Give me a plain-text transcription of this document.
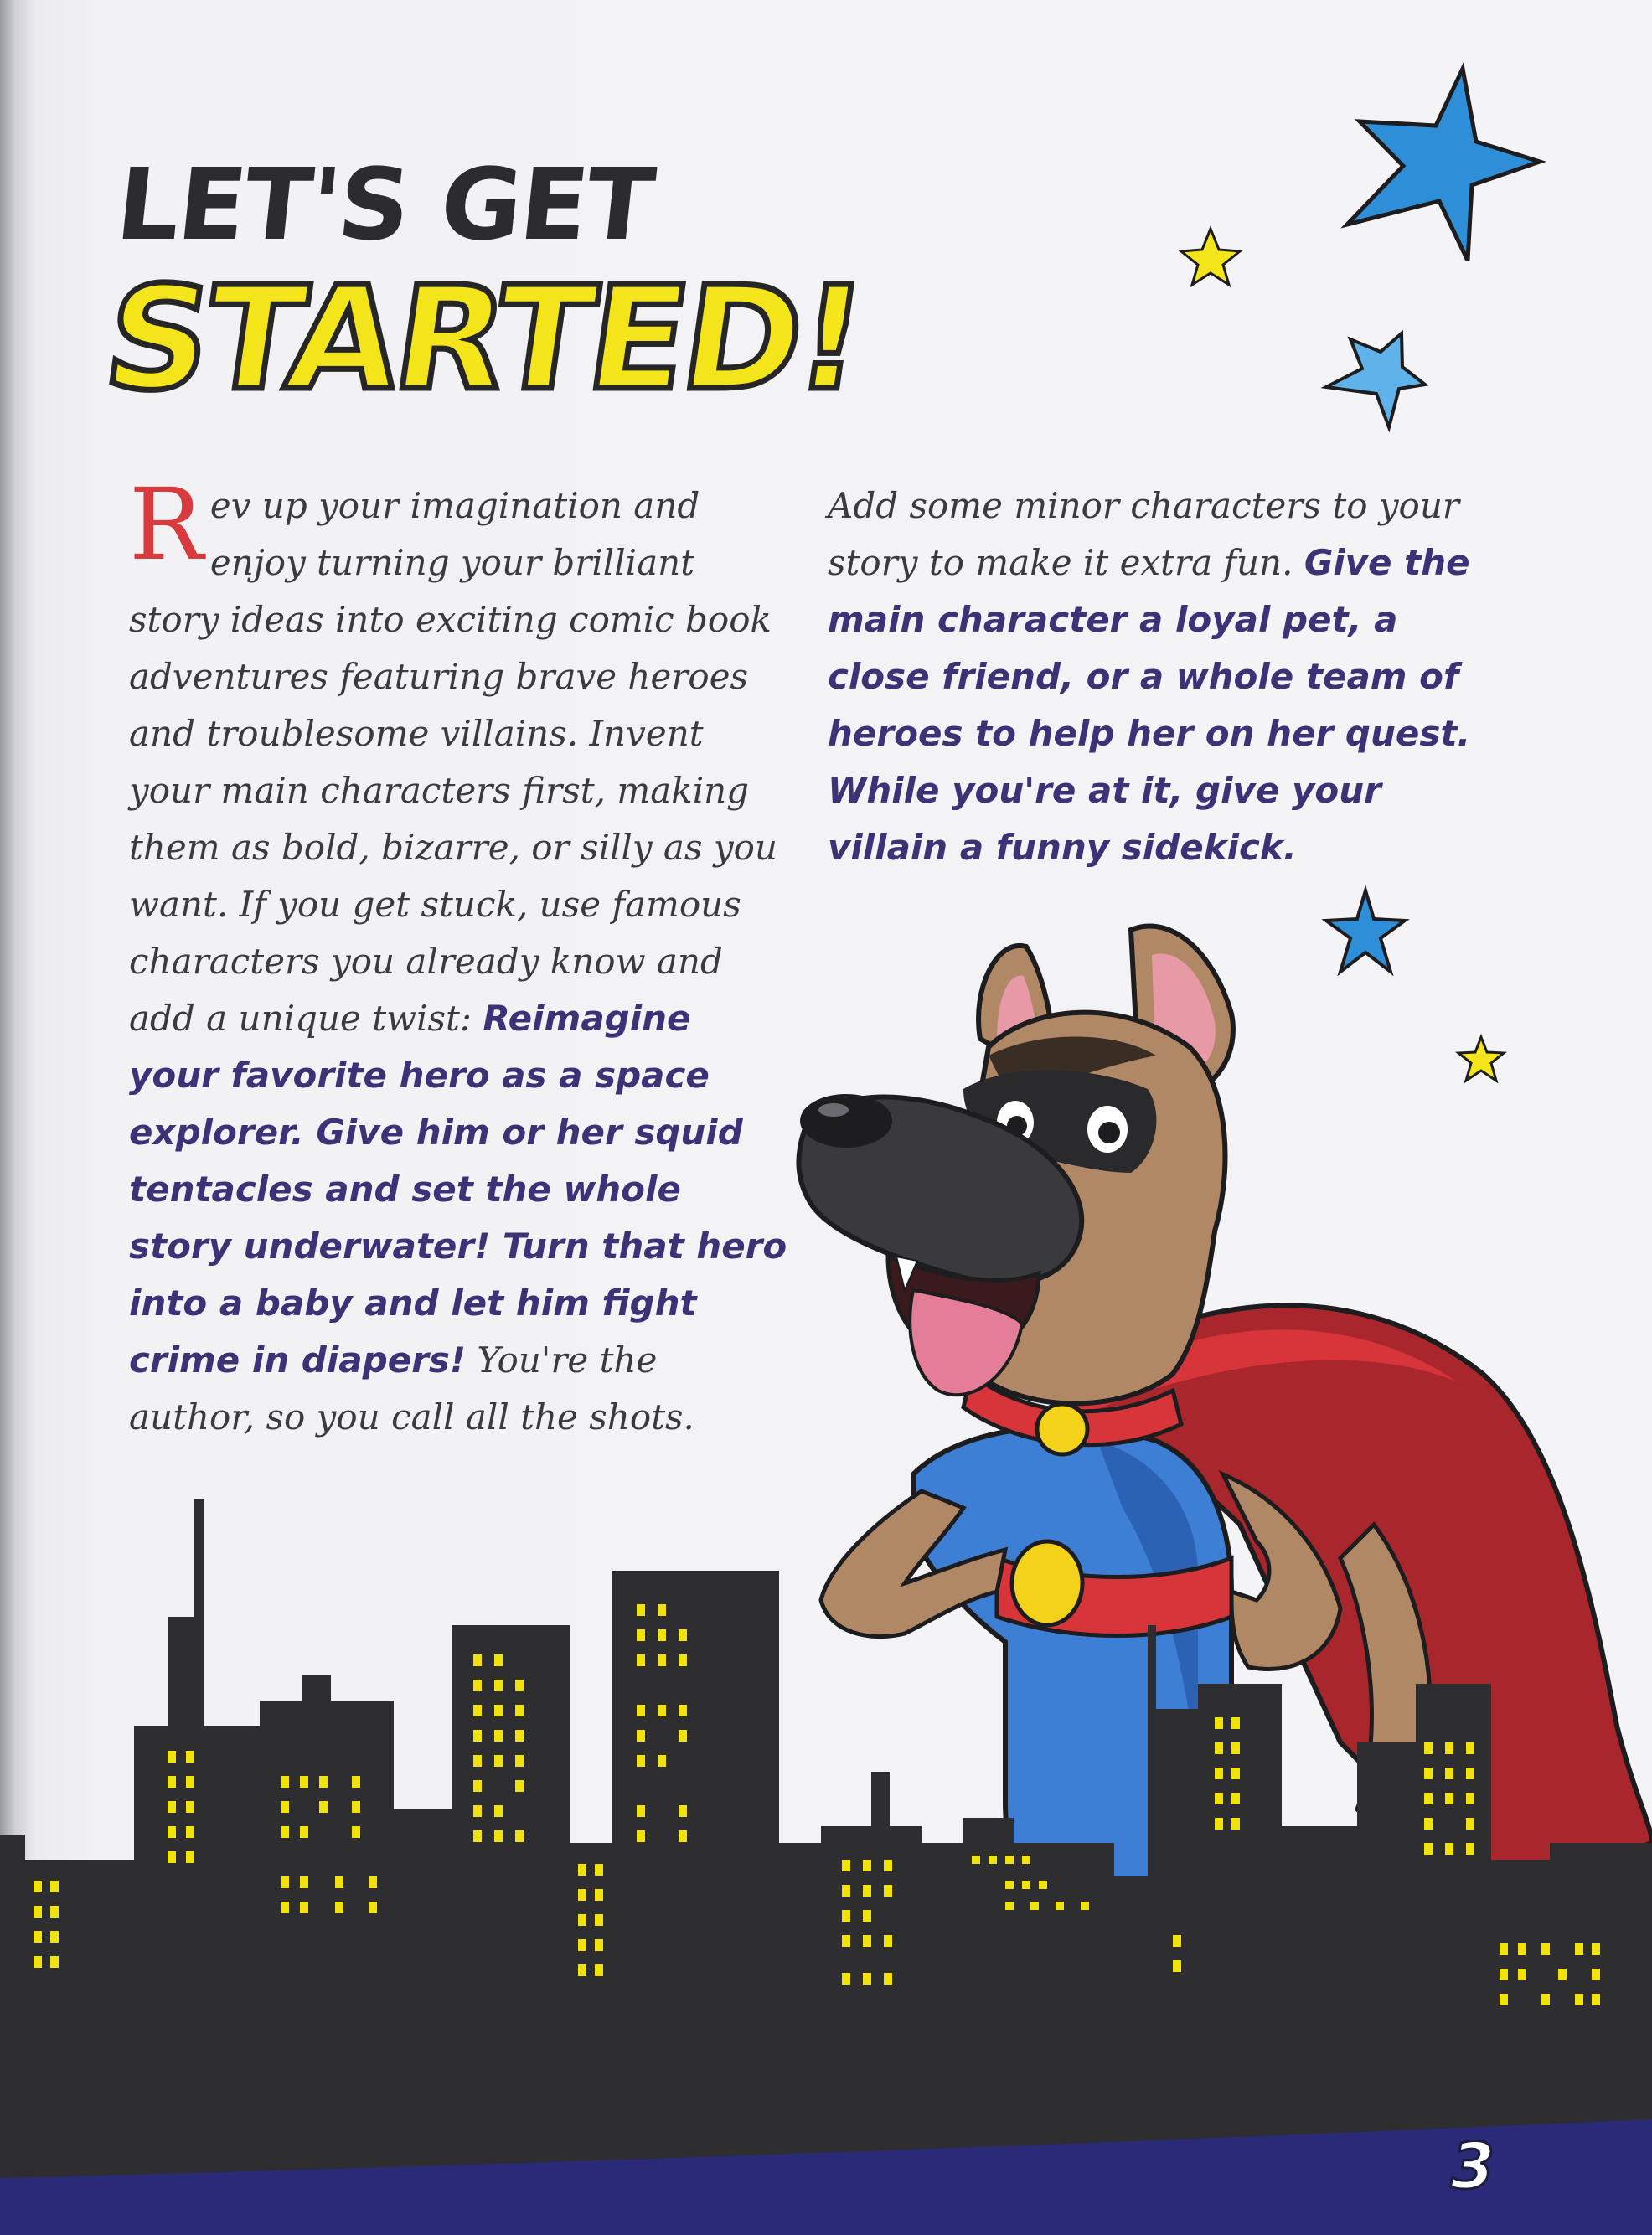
LET'S GET
STARTED!

Rev up your imagination and enjoy turning your brilliant story ideas into exciting comic book adventures featuring brave heroes and troublesome villains. Invent your main characters first, making them as bold, bizarre, or silly as you want. If you get stuck, use famous characters you already know and add a unique twist: Reimagine your favorite hero as a space explorer. Give him or her squid tentacles and set the whole story underwater! Turn that hero into a baby and let him fight crime in diapers! You're the author, so you call all the shots.

Add some minor characters to your story to make it extra fun. Give the main character a loyal pet, a close friend, or a whole team of heroes to help her on her quest. While you're at it, give your villain a funny sidekick.

3
